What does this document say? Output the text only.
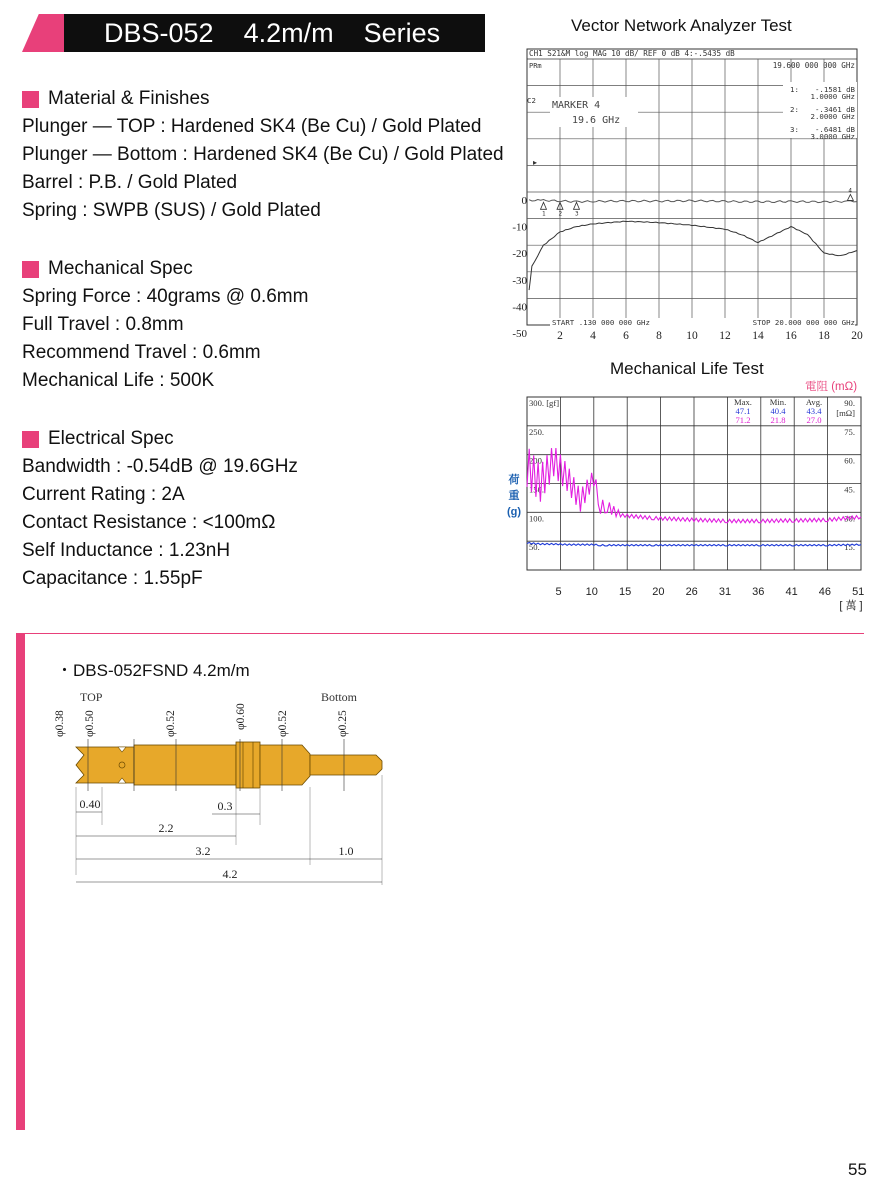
DBS-052 4.2m/m Series
Material & Finishes
Plunger — TOP : Hardened SK4 (Be Cu) / Gold Plated
Plunger — Bottom : Hardened SK4 (Be Cu) / Gold Plated
Barrel : P.B. / Gold Plated
Spring : SWPB (SUS) / Gold Plated
Mechanical Spec
Spring Force : 40grams @ 0.6mm
Full Travel : 0.8mm
Recommend Travel : 0.6mm
Mechanical Life : 500K
Electrical Spec
Bandwidth : -0.54dB @ 19.6GHz
Current Rating : 2A
Contact Resistance : <100mΩ
Self Inductance : 1.23nH
Capacitance : 1.55pF
Vector Network Analyzer Test
CH1 S21&M log MAG 10 dB/ REF 0 dB 4:-.5435 dB
PRm	19.600 000 000 GHz
C2
▸
MARKER 4
19.6 GHz
1: -.1581 dB
1.0000 GHz
2: -.3461 dB
2.0000 GHz
3: -.6481 dB
3.0000 GHz
1 2 3
4
START .130 000 000 GHz	STOP 20.000 000 000 GHz
0
-10
-20
-30
-40
-50	2 4 6 8 10 12 14 16 18 20
Mechanical Life Test
電阻 (mΩ)
荷
重
(g)
300. [gf]
250.
200.
150.
100.
50.
90.
[mΩ]
75.
60.
45.
30.
15.
Max.
47.1
71.2
Min.
40.4
21.8
Avg.
43.4
27.0
5 10 15 20 26 31 36 41 46 51
[ 萬 ]
・DBS-052FSND 4.2m/m
TOP	Bottom
φ0.38 φ0.50	φ0.52	φ0.60	φ0.52	φ0.25
0.40	0.3
2.2
3.2	1.0
4.2
55
